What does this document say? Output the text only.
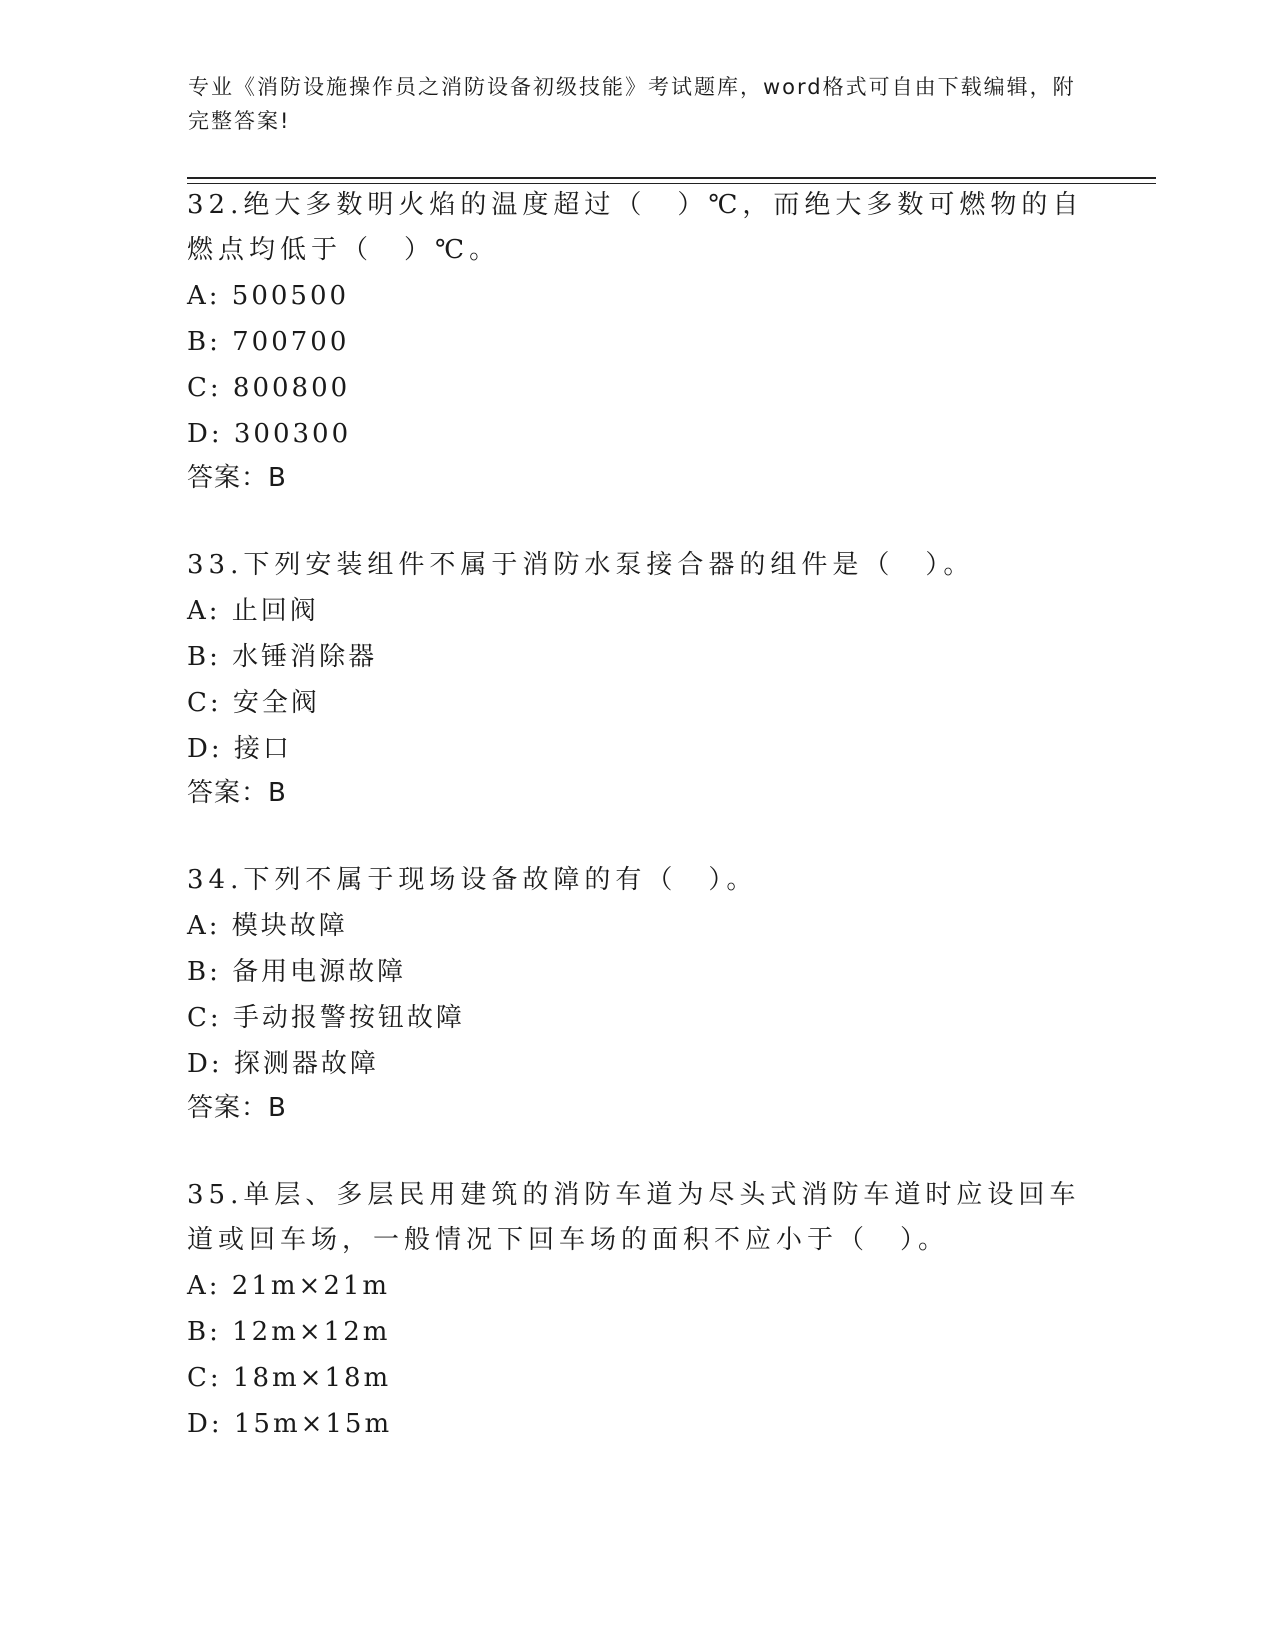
专业《消防设施操作员之消防设备初级技能》考试题库，word格式可自由下载编辑，附完整答案!
32.绝大多数明火焰的温度超过（　）℃，而绝大多数可燃物的自燃点均低于（　）℃。
A: 500500
B: 700700
C: 800800
D: 300300
答案：B
33.下列安装组件不属于消防水泵接合器的组件是（　）。
A: 止回阀
B: 水锤消除器
C: 安全阀
D: 接口
答案：B
34.下列不属于现场设备故障的有（　）。
A: 模块故障
B: 备用电源故障
C: 手动报警按钮故障
D: 探测器故障
答案：B
35.单层、多层民用建筑的消防车道为尽头式消防车道时应设回车道或回车场，一般情况下回车场的面积不应小于（　）。
A: 21m×21m
B: 12m×12m
C: 18m×18m
D: 15m×15m
